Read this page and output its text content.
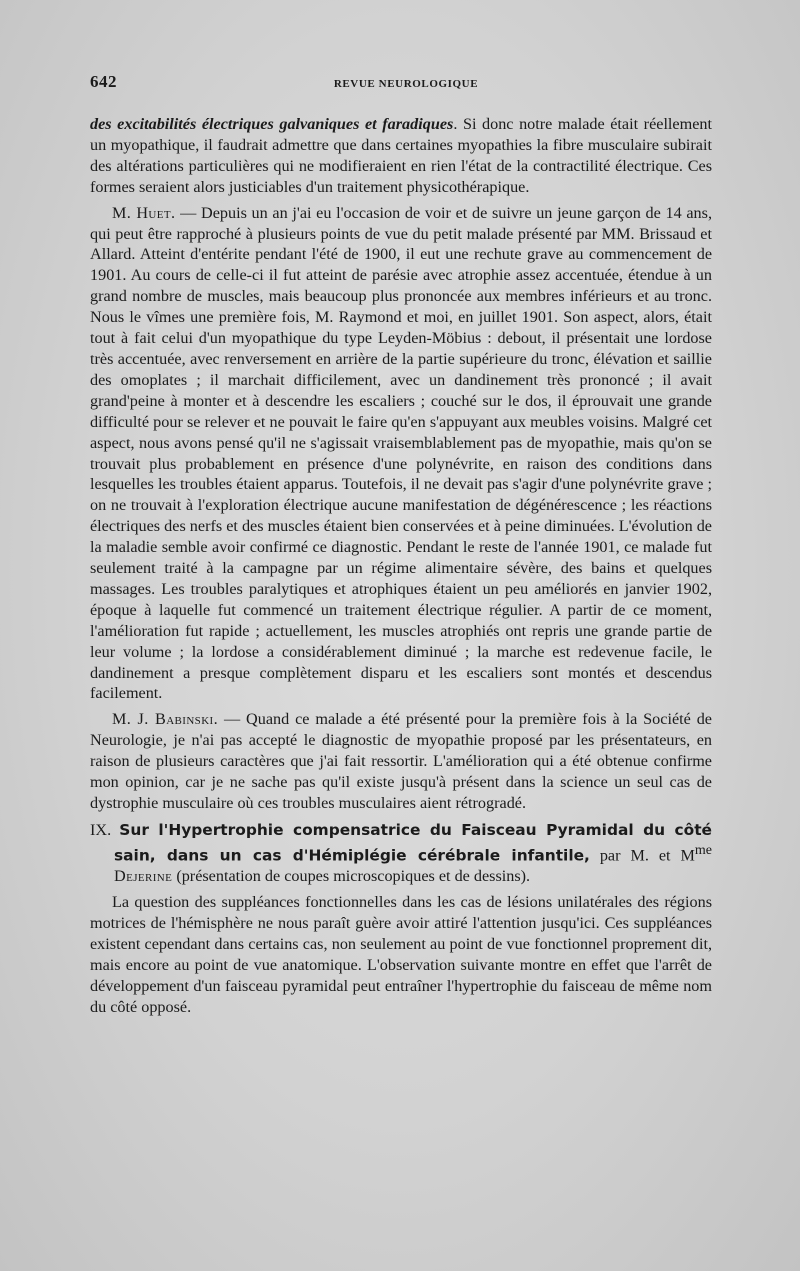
642	REVUE NEUROLOGIQUE

des excitabilités électriques galvaniques et faradiques. Si donc notre malade était réellement un myopathique, il faudrait admettre que dans certaines myopathies la fibre musculaire subirait des altérations particulières qui ne modifieraient en rien l'état de la contractilité électrique. Ces formes seraient alors justiciables d'un traitement physicothérapique.

M. Huet. — Depuis un an j'ai eu l'occasion de voir et de suivre un jeune garçon de 14 ans, qui peut être rapproché à plusieurs points de vue du petit malade présenté par MM. Brissaud et Allard. Atteint d'entérite pendant l'été de 1900, il eut une rechute grave au commencement de 1901. Au cours de celle-ci il fut atteint de parésie avec atrophie assez accentuée, étendue à un grand nombre de muscles, mais beaucoup plus prononcée aux membres inférieurs et au tronc. Nous le vîmes une première fois, M. Raymond et moi, en juillet 1901. Son aspect, alors, était tout à fait celui d'un myopathique du type Leyden-Möbius : debout, il présentait une lordose très accentuée, avec renversement en arrière de la partie supérieure du tronc, élévation et saillie des omoplates ; il marchait difficilement, avec un dandinement très prononcé ; il avait grand'peine à monter et à descendre les escaliers ; couché sur le dos, il éprouvait une grande difficulté pour se relever et ne pouvait le faire qu'en s'appuyant aux meubles voisins. Malgré cet aspect, nous avons pensé qu'il ne s'agissait vraisemblablement pas de myopathie, mais qu'on se trouvait plus probablement en présence d'une polynévrite, en raison des conditions dans lesquelles les troubles étaient apparus. Toutefois, il ne devait pas s'agir d'une polynévrite grave ; on ne trouvait à l'exploration électrique aucune manifestation de dégénérescence ; les réactions électriques des nerfs et des muscles étaient bien conservées et à peine diminuées. L'évolution de la maladie semble avoir confirmé ce diagnostic. Pendant le reste de l'année 1901, ce malade fut seulement traité à la campagne par un régime alimentaire sévère, des bains et quelques massages. Les troubles paralytiques et atrophiques étaient un peu améliorés en janvier 1902, époque à laquelle fut commencé un traitement électrique régulier. A partir de ce moment, l'amélioration fut rapide ; actuellement, les muscles atrophiés ont repris une grande partie de leur volume ; la lordose a considérablement diminué ; la marche est redevenue facile, le dandinement a presque complètement disparu et les escaliers sont montés et descendus facilement.

M. J. Babinski. — Quand ce malade a été présenté pour la première fois à la Société de Neurologie, je n'ai pas accepté le diagnostic de myopathie proposé par les présentateurs, en raison de plusieurs caractères que j'ai fait ressortir. L'amélioration qui a été obtenue confirme mon opinion, car je ne sache pas qu'il existe jusqu'à présent dans la science un seul cas de dystrophie musculaire où ces troubles musculaires aient rétrogradé.

IX. Sur l'Hypertrophie compensatrice du Faisceau Pyramidal du côté sain, dans un cas d'Hémiplégie cérébrale infantile, par M. et $M^{me}$ Dejerine (présentation de coupes microscopiques et de dessins).

La question des suppléances fonctionnelles dans les cas de lésions unilatérales des régions motrices de l'hémisphère ne nous paraît guère avoir attiré l'attention jusqu'ici. Ces suppléances existent cependant dans certains cas, non seulement au point de vue fonctionnel proprement dit, mais encore au point de vue anatomique. L'observation suivante montre en effet que l'arrêt de développement d'un faisceau pyramidal peut entraîner l'hypertrophie du faisceau de même nom du côté opposé.
